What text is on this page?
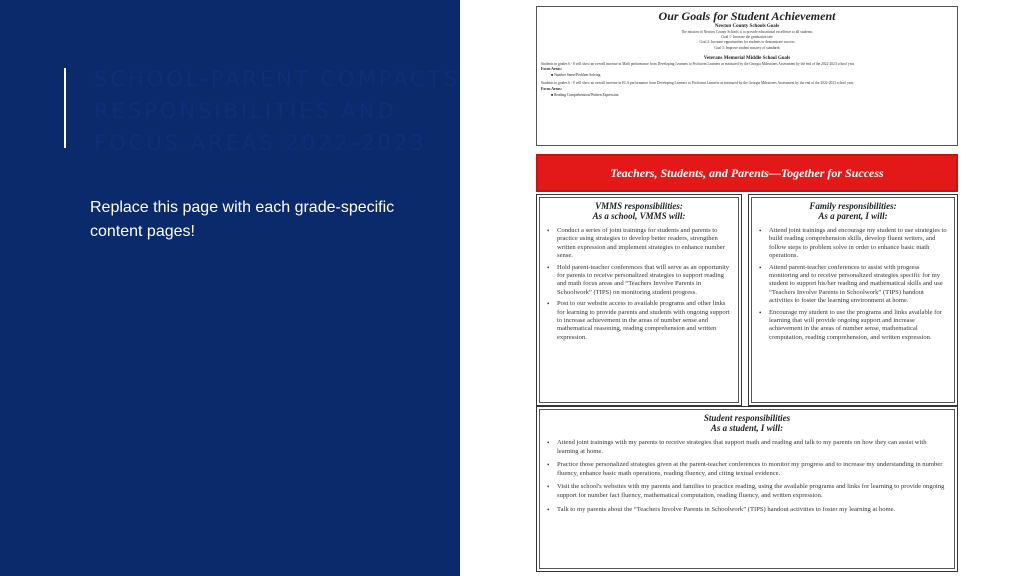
SCHOOL-PARENT COMPACTS
RESPONSIBILITIES AND
FOCUS AREAS 2022-2023

Replace this page with each grade-specific content pages!

Our Goals for Student Achievement
Newton County Schools Goals
The mission of Newton County Schools is to provide educational excellence to all students.
Goal 1: Increase the graduation rate
Goal 2: Increase opportunities for students to demonstrate success
Goal 3: Improve student mastery of standards
Veterans Memorial Middle School Goals
Students in grades 6 - 8 will show an overall increase in Math performance from Developing Learners to Proficient Learners as measured by the Georgia Milestones Assessment by the end of the 2022-2023 school year.
Focus Areas:
■ Number Sense/Problem Solving
Students in grades 6 - 8 will show an overall increase in ELA performance from Developing Learners to Proficient Learners as measured by the Georgia Milestones Assessment by the end of the 2022-2023 school year.
Focus Areas:
■ Reading Comprehension/Written Expression
Teachers, Students, and Parents—Together for Success
VMMS responsibilities:
As a school, VMMS will:
• Conduct a series of joint trainings for students and parents to practice using strategies to develop better readers, strengthen written expression and implement strategies to enhance number sense.
• Hold parent-teacher conferences that will serve as an opportunity for parents to receive personalized strategies to support reading and math focus areas and “Teachers Involve Parents in Schoolwork” (TIPS) on monitoring student progress.
• Post to our website access to available programs and other links for learning to provide parents and students with ongoing support to increase achievement in the areas of number sense and mathematical reasoning, reading comprehension and written expression.
Family responsibilities:
As a parent, I will:
• Attend joint trainings and encourage my student to use strategies to build reading comprehension skills, develop fluent writers, and follow steps to problem solve in order to enhance basic math operations.
• Attend parent-teacher conferences to assist with progress monitoring and to receive personalized strategies specific for my student to support his/her reading and mathematical skills and use “Teachers Involve Parents in Schoolwork” (TIPS) handout activities to foster the learning environment at home.
• Encourage my student to use the programs and links available for learning that will provide ongoing support and increase achievement in the areas of number sense, mathematical computation, reading comprehension, and written expression.
Student responsibilities
As a student, I will:
• Attend joint trainings with my parents to receive strategies that support math and reading and talk to my parents on how they can assist with learning at home.
• Practice those personalized strategies given at the parent-teacher conferences to monitor my progress and to increase my understanding in number fluency, enhance basic math operations, reading fluency, and citing textual evidence.
• Visit the school's websites with my parents and families to practice reading, using the available programs and links for learning to provide ongoing support for number fact fluency, mathematical computation, reading fluency, and written expression.
• Talk to my parents about the “Teachers Involve Parents in Schoolwork” (TIPS) handout activities to foster my learning at home.
